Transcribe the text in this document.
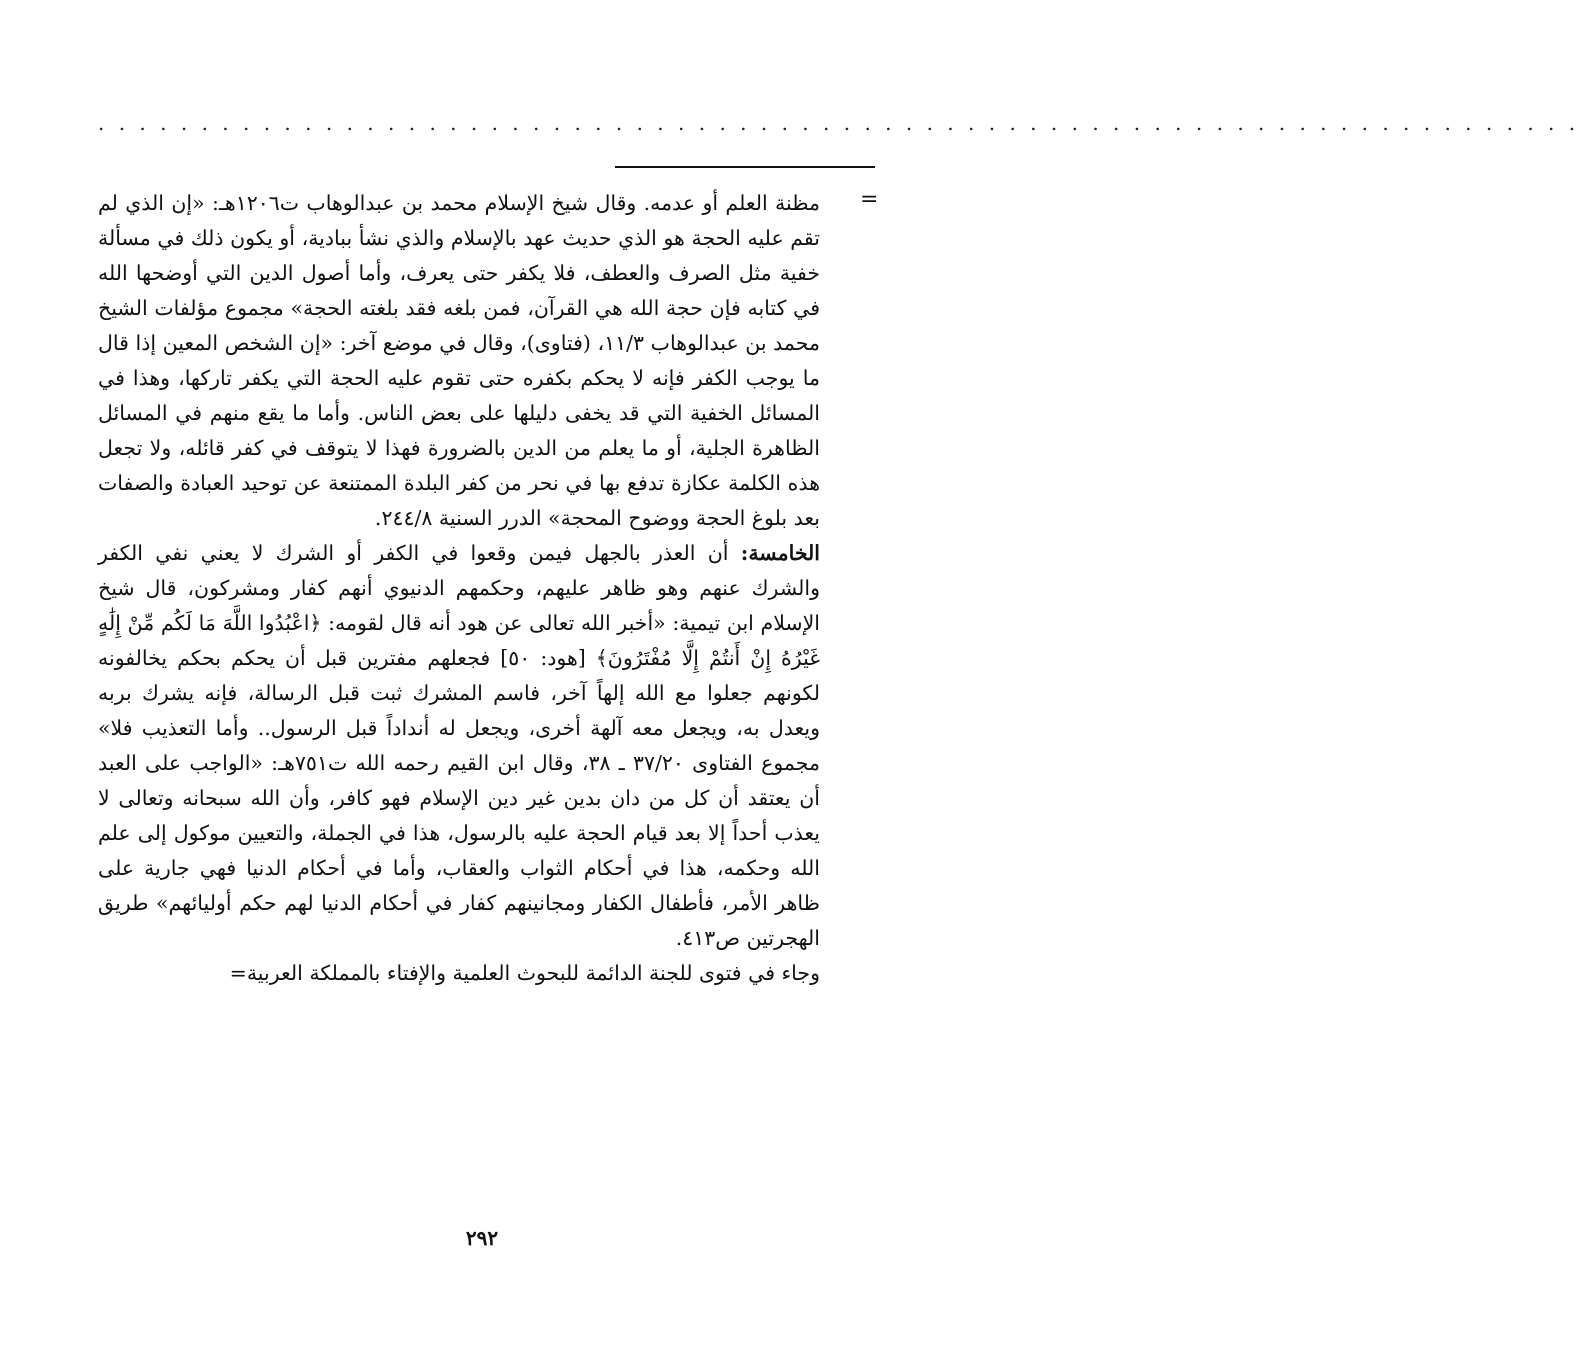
. . . . . . . . . . . . . . . . . . . . . . . . . . . . . . . . . . . . . . . . . . . . . . . . . . . . . . . . . . . . . . . . . . . . . . . .
=

مظنة العلم أو عدمه. وقال شيخ الإسلام محمد بن عبدالوهاب ت١٢٠٦هـ: «إن الذي لم تقم عليه الحجة هو الذي حديث عهد بالإسلام والذي نشأ ببادية، أو يكون ذلك في مسألة خفية مثل الصرف والعطف، فلا يكفر حتى يعرف، وأما أصول الدين التي أوضحها الله في كتابه فإن حجة الله هي القرآن، فمن بلغه فقد بلغته الحجة» مجموع مؤلفات الشيخ محمد بن عبدالوهاب ١١/٣، (فتاوى)، وقال في موضع آخر: «إن الشخص المعين إذا قال ما يوجب الكفر فإنه لا يحكم بكفره حتى تقوم عليه الحجة التي يكفر تاركها، وهذا في المسائل الخفية التي قد يخفى دليلها على بعض الناس. وأما ما يقع منهم في المسائل الظاهرة الجلية، أو ما يعلم من الدين بالضرورة فهذا لا يتوقف في كفر قائله، ولا تجعل هذه الكلمة عكازة تدفع بها في نحر من كفر البلدة الممتنعة عن توحيد العبادة والصفات بعد بلوغ الحجة ووضوح المحجة» الدرر السنية ٢٤٤/٨.

الخامسة: أن العذر بالجهل فيمن وقعوا في الكفر أو الشرك لا يعني نفي الكفر والشرك عنهم وهو ظاهر عليهم، وحكمهم الدنيوي أنهم كفار ومشركون، قال شيخ الإسلام ابن تيمية: «أخبر الله تعالى عن هود أنه قال لقومه: ﴿اعْبُدُوا اللَّهَ مَا لَكُم مِّنْ إِلَٰهٍ غَيْرُهُ إِنْ أَنتُمْ إِلَّا مُفْتَرُونَ﴾ [هود: ٥٠] فجعلهم مفترين قبل أن يحكم بحكم يخالفونه لكونهم جعلوا مع الله إلهاً آخر، فاسم المشرك ثبت قبل الرسالة، فإنه يشرك بربه ويعدل به، ويجعل معه آلهة أخرى، ويجعل له أنداداً قبل الرسول.. وأما التعذيب فلا» مجموع الفتاوى ٣٧/٢٠ ـ ٣٨، وقال ابن القيم رحمه الله ت٧٥١هـ: «الواجب على العبد أن يعتقد أن كل من دان بدين غير دين الإسلام فهو كافر، وأن الله سبحانه وتعالى لا يعذب أحداً إلا بعد قيام الحجة عليه بالرسول، هذا في الجملة، والتعيين موكول إلى علم الله وحكمه، هذا في أحكام الثواب والعقاب، وأما في أحكام الدنيا فهي جارية على ظاهر الأمر، فأطفال الكفار ومجانينهم كفار في أحكام الدنيا لهم حكم أوليائهم» طريق الهجرتين ص٤١٣.

وجاء في فتوى للجنة الدائمة للبحوث العلمية والإفتاء بالمملكة العربية=

٢٩٢
